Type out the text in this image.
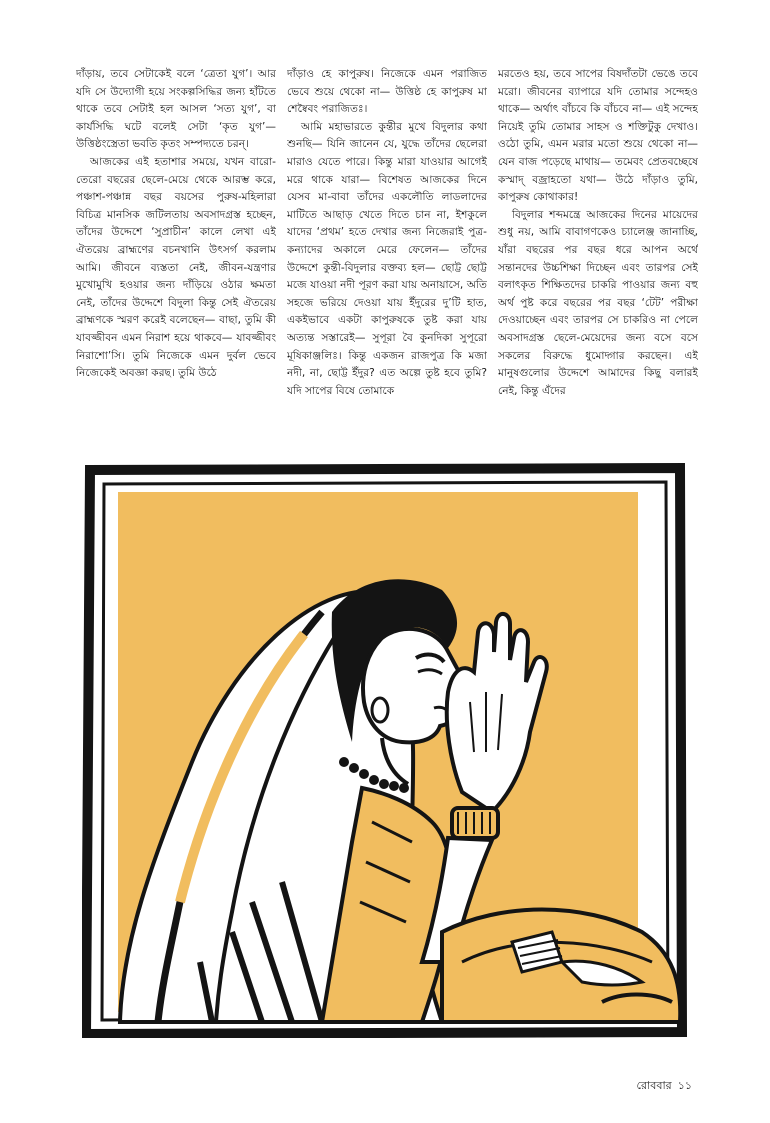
দাঁড়ায়, তবে সেটাকেই বলে ‘ত্রেতা যুগ’। আর যদি সে উদ্যোগী হয়ে সংকল্পসিদ্ধির জন্য হাঁটতে থাকে তবে সেটাই হল আসল ‘সত্য যুগ’, বা কার্যসিদ্ধি ঘটে বলেই সেটা ‘কৃত যুগ’— উত্তিষ্ঠংস্ত্রেতা ভবতি কৃতং সম্পদ্যতে চরন্।

আজকের এই হতাশার সময়ে, যখন বারো-তেরো বছরের ছেলে-মেয়ে থেকে আরম্ভ করে, পঞ্চাশ-পঞ্চান্ন বছর বয়সের পুরুষ-মহিলারা বিচিত্র মানসিক জটিলতায় অবসাদগ্রস্ত হচ্ছেন, তাঁদের উদ্দেশে ‘সুপ্রাচীন’ কালে লেখা এই ঐতরেয় ব্রাহ্মণের বচনখানি উৎসর্গ করলাম আমি। জীবনে ব্যস্ততা নেই, জীবন-যন্ত্রণার মুখোমুখি হওয়ার জন্য দাঁড়িয়ে ওঠার ক্ষমতা নেই, তাঁদের উদ্দেশে বিদুলা কিন্তু সেই ঐতরেয় ব্রাহ্মণকে স্মরণ করেই বলেছেন— বাছা, তুমি কী যাবজ্জীবন এমন নিরাশ হয়ে থাকবে— যাবজ্জীবং নিরাশো’সি। তুমি নিজেকে এমন দুর্বল ভেবে নিজেকেই অবজ্ঞা করছ। তুমি উঠে

দাঁড়াও হে কাপুরুষ। নিজেকে এমন পরাজিত ভেবে শুয়ে থেকো না— উত্তিষ্ঠ হে কাপুরুষ মা শেষ্বৈবং পরাজিতঃ।

আমি মহাভারতে কুন্তীর মুখে বিদুলার কথা শুনছি— যিনি জানেন যে, যুদ্ধে তাঁদের ছেলেরা মারাও যেতে পারে। কিন্তু মারা যাওয়ার আগেই মরে থাকে যারা— বিশেষত আজকের দিনে যেসব মা-বাবা তাঁদের একলৌতি লাডলাদের মাটিতে আছাড় খেতে দিতে চান না, ইশকুলে যাদের ‘প্রথম’ হতে দেখার জন্য নিজেরাই পুত্র-কন্যাদের অকালে মেরে ফেলেন— তাঁদের উদ্দেশে কুন্তী-বিদুলার বক্তব্য হল— ছোট্ট ছোট্ট মজে যাওয়া নদী পূরণ করা যায় অনায়াসে, অতি সহজে ভরিয়ে দেওয়া যায় ইঁদুরের দু’টি হাত, একইভাবে একটা কাপুরুষকে তুষ্ট করা যায় অত্যন্ত সস্তারেই— সুপূরা বৈ কুনদিকা সুপূরো মূষিকাঞ্জলিঃ। কিন্তু একজন রাজপুত্র কি মজা নদী, না, ছোট্ট ইঁদুর? এত অল্পে তুষ্ট হবে তুমি? যদি সাপের বিষে তোমাকে

মরতেও হয়, তবে সাপের বিষদাঁতটা ভেঙে তবে মরো। জীবনের ব্যাপারে যদি তোমার সন্দেহও থাকে— অর্থাৎ বাঁচবে কি বাঁচবে না— এই সন্দেহ নিয়েই তুমি তোমার সাহস ও শক্তিটুকু দেখাও। ওঠো তুমি, এমন মরার মতো শুয়ে থেকো না— যেন বাজ পড়েছে মাথায়— তমেবং প্রেতবচ্ছেষে কস্মাদ্ বজ্রাহতো যথা— উঠে দাঁড়াও তুমি, কাপুরুষ কোথাকার!

বিদুলার শব্দমন্ত্রে আজকের দিনের মায়েদের শুধু নয়, আমি বাবাগণকেও চ্যালেঞ্জ জানাচ্ছি, যাঁরা বছরের পর বছর ধরে আপন অর্থে সন্তানদের উচ্চশিক্ষা দিচ্ছেন এবং তারপর সেই বলাৎকৃত শিক্ষিতদের চাকরি পাওয়ার জন্য বহু অর্থ পুষ্ট করে বছরের পর বছর ‘টেট’ পরীক্ষা দেওয়াচ্ছেন এবং তারপর সে চাকরিও না পেলে অবসাদগ্রস্ত ছেলে-মেয়েদের জন্য বসে বসে সকলের বিরুদ্ধে ধুমোদ্গার করছেন। এই মানুষগুলোর উদ্দেশে আমাদের কিছু বলারই নেই, কিন্তু এঁদের

রোববার ১১
